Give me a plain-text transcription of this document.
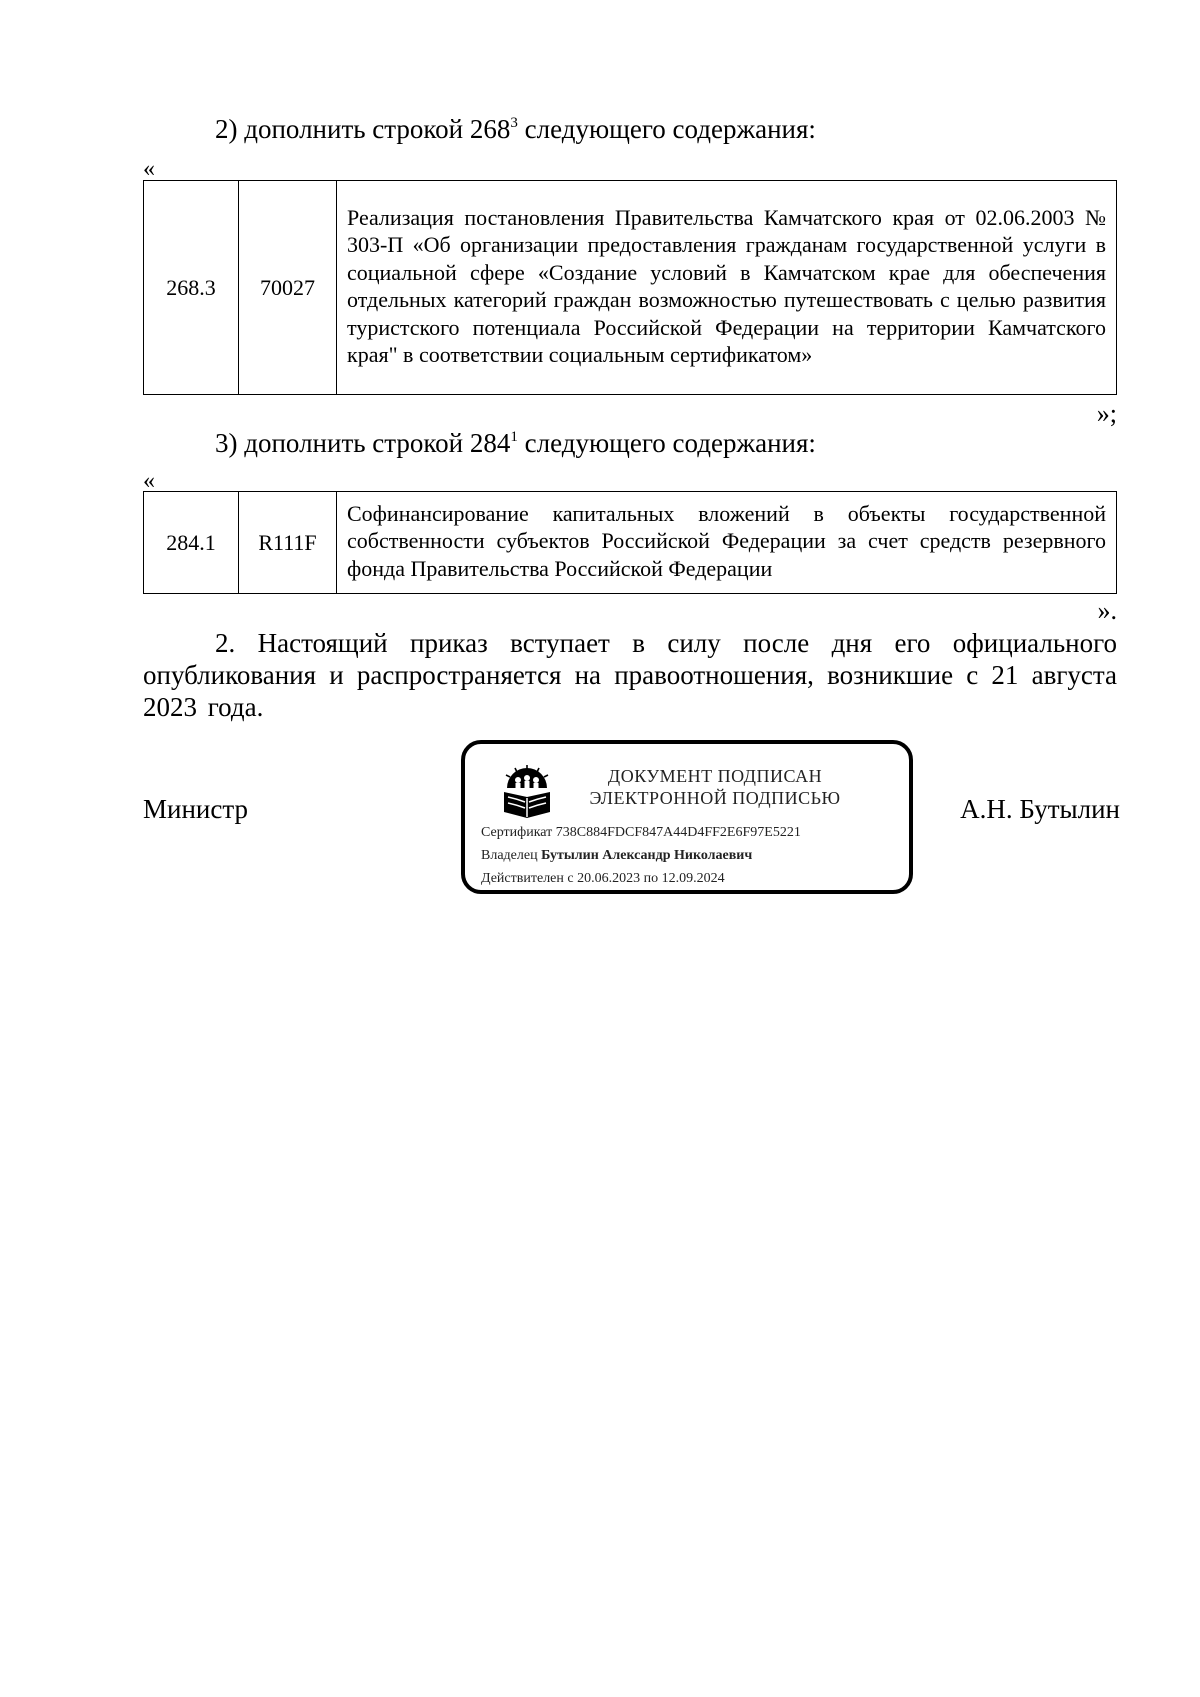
2) дополнить строкой $268^3$ следующего содержания:
«
268.3	70027	Реализация постановления Правительства Камчатского края от 02.06.2003 № 303-П «Об организации предоставления гражданам государственной услуги в социальной сфере «Создание условий в Камчатском крае для обеспечения отдельных категорий граждан возможностью путешествовать с целью развития туристского потенциала Российской Федерации на территории Камчатского края" в соответствии социальным сертификатом»
»;
3) дополнить строкой $284^1$ следующего содержания:
«
284.1	R111F	Софинансирование капитальных вложений в объекты государственной собственности субъектов Российской Федерации за счет средств резервного фонда Правительства Российской Федерации
».
2. Настоящий приказ вступает в силу после дня его официального опубликования и распространяется на правоотношения, возникшие с 21 августа 2023 года.
Министр
ДОКУМЕНТ ПОДПИСАН
ЭЛЕКТРОННОЙ ПОДПИСЬЮ
Сертификат 738C884FDCF847A44D4FF2E6F97E5221
Владелец Бутылин Александр Николаевич
Действителен с 20.06.2023 по 12.09.2024
А.Н. Бутылин
